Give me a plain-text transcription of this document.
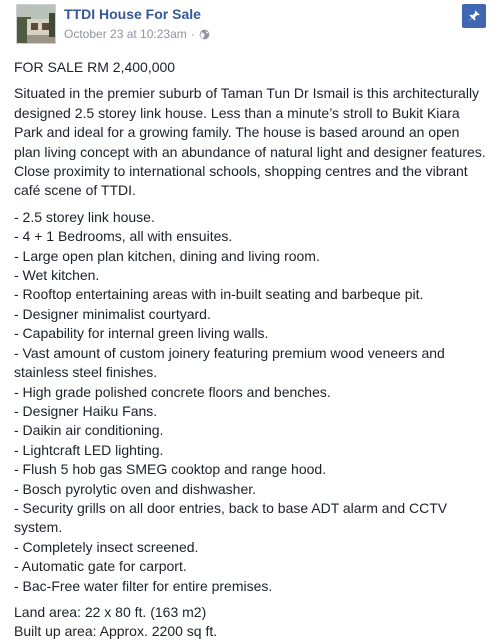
TTDI House For Sale
October 23 at 10:23am ·
FOR SALE RM 2,400,000
Situated in the premier suburb of Taman Tun Dr Ismail is this architecturally designed 2.5 storey link house. Less than a minute’s stroll to Bukit Kiara Park and ideal for a growing family. The house is based around an open plan living concept with an abundance of natural light and designer features. Close proximity to international schools, shopping centres and the vibrant café scene of TTDI.
- 2.5 storey link house.
- 4 + 1 Bedrooms, all with ensuites.
- Large open plan kitchen, dining and living room.
- Wet kitchen.
- Rooftop entertaining areas with in-built seating and barbeque pit.
- Designer minimalist courtyard.
- Capability for internal green living walls.
- Vast amount of custom joinery featuring premium wood veneers and stainless steel finishes.
- High grade polished concrete floors and benches.
- Designer Haiku Fans.
- Daikin air conditioning.
- Lightcraft LED lighting.
- Flush 5 hob gas SMEG cooktop and range hood.
- Bosch pyrolytic oven and dishwasher.
- Security grills on all door entries, back to base ADT alarm and CCTV system.
- Completely insect screened.
- Automatic gate for carport.
- Bac-Free water filter for entire premises.
Land area: 22 x 80 ft. (163 m2)
Built up area: Approx. 2200 sq ft.
